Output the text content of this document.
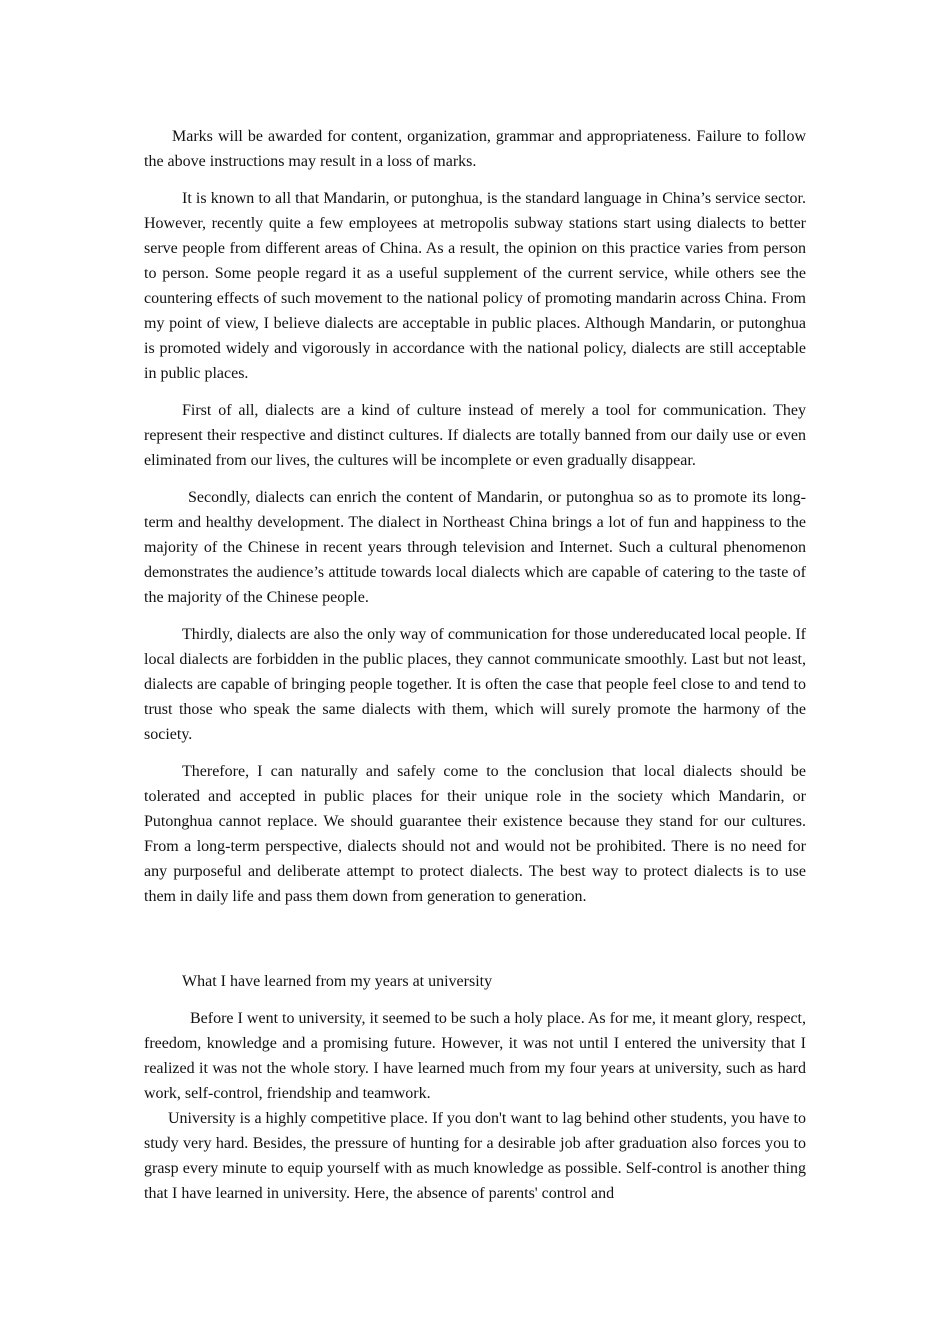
Marks will be awarded for content, organization, grammar and appropriateness. Failure to follow the above instructions may result in a loss of marks.

It is known to all that Mandarin, or putonghua, is the standard language in China’s service sector. However, recently quite a few employees at metropolis subway stations start using dialects to better serve people from different areas of China. As a result, the opinion on this practice varies from person to person. Some people regard it as a useful supplement of the current service, while others see the countering effects of such movement to the national policy of promoting mandarin across China. From my point of view, I believe dialects are acceptable in public places. Although Mandarin, or putonghua is promoted widely and vigorously in accordance with the national policy, dialects are still acceptable in public places.

First of all, dialects are a kind of culture instead of merely a tool for communication. They represent their respective and distinct cultures. If dialects are totally banned from our daily use or even eliminated from our lives, the cultures will be incomplete or even gradually disappear.

Secondly, dialects can enrich the content of Mandarin, or putonghua so as to promote its long-term and healthy development. The dialect in Northeast China brings a lot of fun and happiness to the majority of the Chinese in recent years through television and Internet. Such a cultural phenomenon demonstrates the audience’s attitude towards local dialects which are capable of catering to the taste of the majority of the Chinese people.

Thirdly, dialects are also the only way of communication for those undereducated local people. If local dialects are forbidden in the public places, they cannot communicate smoothly. Last but not least, dialects are capable of bringing people together. It is often the case that people feel close to and tend to trust those who speak the same dialects with them, which will surely promote the harmony of the society.

Therefore, I can naturally and safely come to the conclusion that local dialects should be tolerated and accepted in public places for their unique role in the society which Mandarin, or Putonghua cannot replace. We should guarantee their existence because they stand for our cultures. From a long-term perspective, dialects should not and would not be prohibited. There is no need for any purposeful and deliberate attempt to protect dialects. The best way to protect dialects is to use them in daily life and pass them down from generation to generation.

What I have learned from my years at university

Before I went to university, it seemed to be such a holy place. As for me, it meant glory, respect, freedom, knowledge and a promising future. However, it was not until I entered the university that I realized it was not the whole story. I have learned much from my four years at university, such as hard work, self-control, friendship and teamwork.

University is a highly competitive place. If you don't want to lag behind other students, you have to study very hard. Besides, the pressure of hunting for a desirable job after graduation also forces you to grasp every minute to equip yourself with as much knowledge as possible. Self-control is another thing that I have learned in university. Here, the absence of parents' control and
